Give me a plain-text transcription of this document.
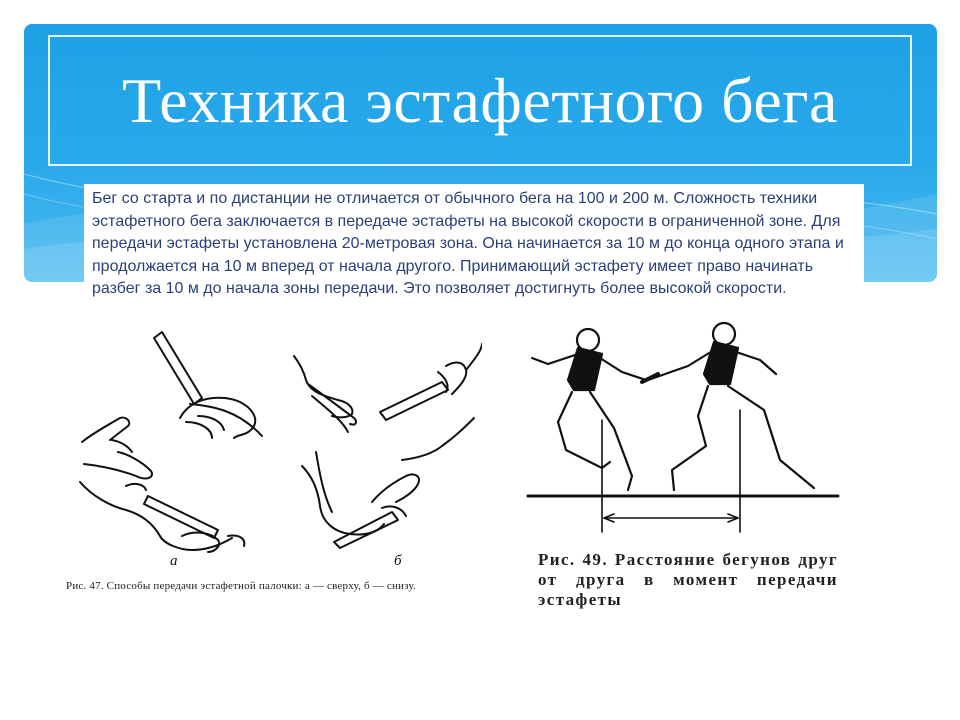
Техника эстафетного бега

Бег со старта и по дистанции не отличается от обычного бега на 100 и 200 м. Сложность техники эстафетного бега заключается в передаче эстафеты на высокой скорости в ограниченной зоне. Для передачи эстафеты установлена 20-метровая зона. Она начинается за 10 м до конца одного этапа и продолжается на 10 м вперед от начала другого. Принимающий эстафету имеет право начинать разбег за 10 м до начала зоны передачи. Это позволяет достигнуть более высокой скорости.

а	б

Рис. 47. Способы передачи эстафетной палочки: а — сверху, б — снизу.

Рис. 49. Расстояние бегунов друг от друга в момент передачи эстафеты
